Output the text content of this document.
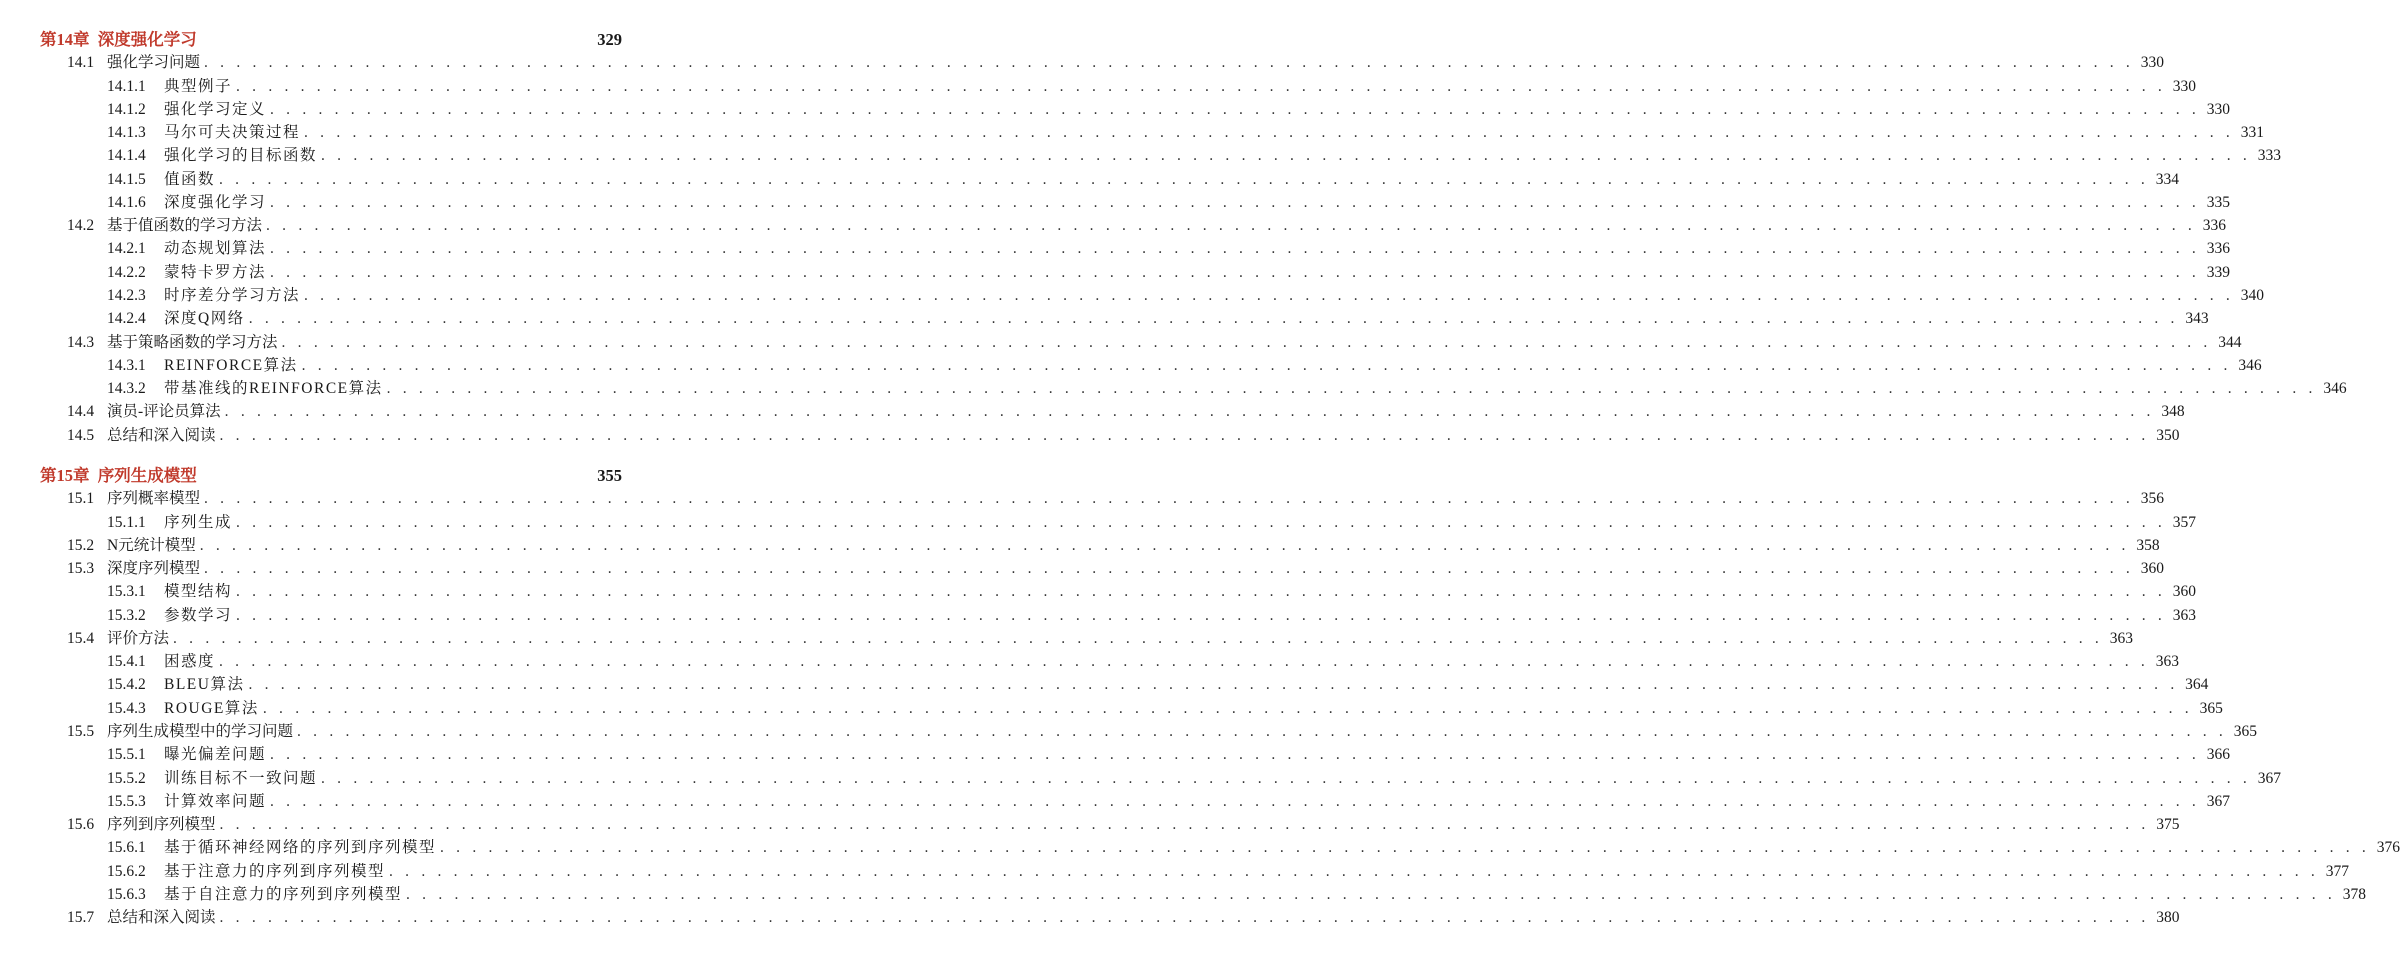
第14章  深度强化学习	329
14.1 强化学习问题 . . . . . . . . . . . . . . . . . . . . . . . . . . . . . . . . . . . . . . . . . . . . . . . . . . . . . . . . . . . . . . . . . . . . . . . . . . . . . . . . . . . . . . . . . . . . . . . . . . . . . . . . . . . . . . . . . . . . . . . . 330
14.1.1 典型例子 . . . . . . . . . . . . . . . . . . . . . . . . . . . . . . . . . . . . . . . . . . . . . . . . . . . . . . . . . . . . . . . . . . . . . . . . . . . . . . . . . . . . . . . . . . . . . . . . . . . . . . . . . . . . . . . . . . . . . . . . 330
14.1.2 强化学习定义 . . . . . . . . . . . . . . . . . . . . . . . . . . . . . . . . . . . . . . . . . . . . . . . . . . . . . . . . . . . . . . . . . . . . . . . . . . . . . . . . . . . . . . . . . . . . . . . . . . . . . . . . . . . . . . . . . . . . . . . . 330
14.1.3 马尔可夫决策过程 . . . . . . . . . . . . . . . . . . . . . . . . . . . . . . . . . . . . . . . . . . . . . . . . . . . . . . . . . . . . . . . . . . . . . . . . . . . . . . . . . . . . . . . . . . . . . . . . . . . . . . . . . . . . . . . . . . . . . . . . 331
14.1.4 强化学习的目标函数 . . . . . . . . . . . . . . . . . . . . . . . . . . . . . . . . . . . . . . . . . . . . . . . . . . . . . . . . . . . . . . . . . . . . . . . . . . . . . . . . . . . . . . . . . . . . . . . . . . . . . . . . . . . . . . . . . . . . . . . . 333
14.1.5 值函数 . . . . . . . . . . . . . . . . . . . . . . . . . . . . . . . . . . . . . . . . . . . . . . . . . . . . . . . . . . . . . . . . . . . . . . . . . . . . . . . . . . . . . . . . . . . . . . . . . . . . . . . . . . . . . . . . . . . . . . . . 334
14.1.6 深度强化学习 . . . . . . . . . . . . . . . . . . . . . . . . . . . . . . . . . . . . . . . . . . . . . . . . . . . . . . . . . . . . . . . . . . . . . . . . . . . . . . . . . . . . . . . . . . . . . . . . . . . . . . . . . . . . . . . . . . . . . . . . 335
14.2 基于值函数的学习方法 . . . . . . . . . . . . . . . . . . . . . . . . . . . . . . . . . . . . . . . . . . . . . . . . . . . . . . . . . . . . . . . . . . . . . . . . . . . . . . . . . . . . . . . . . . . . . . . . . . . . . . . . . . . . . . . . . . . . . . . . 336
14.2.1 动态规划算法 . . . . . . . . . . . . . . . . . . . . . . . . . . . . . . . . . . . . . . . . . . . . . . . . . . . . . . . . . . . . . . . . . . . . . . . . . . . . . . . . . . . . . . . . . . . . . . . . . . . . . . . . . . . . . . . . . . . . . . . . 336
14.2.2 蒙特卡罗方法 . . . . . . . . . . . . . . . . . . . . . . . . . . . . . . . . . . . . . . . . . . . . . . . . . . . . . . . . . . . . . . . . . . . . . . . . . . . . . . . . . . . . . . . . . . . . . . . . . . . . . . . . . . . . . . . . . . . . . . . . 339
14.2.3 时序差分学习方法 . . . . . . . . . . . . . . . . . . . . . . . . . . . . . . . . . . . . . . . . . . . . . . . . . . . . . . . . . . . . . . . . . . . . . . . . . . . . . . . . . . . . . . . . . . . . . . . . . . . . . . . . . . . . . . . . . . . . . . . . 340
14.2.4 深度Q网络 . . . . . . . . . . . . . . . . . . . . . . . . . . . . . . . . . . . . . . . . . . . . . . . . . . . . . . . . . . . . . . . . . . . . . . . . . . . . . . . . . . . . . . . . . . . . . . . . . . . . . . . . . . . . . . . . . . . . . . . . 343
14.3 基于策略函数的学习方法 . . . . . . . . . . . . . . . . . . . . . . . . . . . . . . . . . . . . . . . . . . . . . . . . . . . . . . . . . . . . . . . . . . . . . . . . . . . . . . . . . . . . . . . . . . . . . . . . . . . . . . . . . . . . . . . . . . . . . . . . 344
14.3.1 REINFORCE算法 . . . . . . . . . . . . . . . . . . . . . . . . . . . . . . . . . . . . . . . . . . . . . . . . . . . . . . . . . . . . . . . . . . . . . . . . . . . . . . . . . . . . . . . . . . . . . . . . . . . . . . . . . . . . . . . . . . . . . . . . 346
14.3.2 带基准线的REINFORCE算法 . . . . . . . . . . . . . . . . . . . . . . . . . . . . . . . . . . . . . . . . . . . . . . . . . . . . . . . . . . . . . . . . . . . . . . . . . . . . . . . . . . . . . . . . . . . . . . . . . . . . . . . . . . . . . . . . . . . . . . . . 346
14.4 演员-评论员算法 . . . . . . . . . . . . . . . . . . . . . . . . . . . . . . . . . . . . . . . . . . . . . . . . . . . . . . . . . . . . . . . . . . . . . . . . . . . . . . . . . . . . . . . . . . . . . . . . . . . . . . . . . . . . . . . . . . . . . . . . 348
14.5 总结和深入阅读 . . . . . . . . . . . . . . . . . . . . . . . . . . . . . . . . . . . . . . . . . . . . . . . . . . . . . . . . . . . . . . . . . . . . . . . . . . . . . . . . . . . . . . . . . . . . . . . . . . . . . . . . . . . . . . . . . . . . . . . . 350
第15章  序列生成模型	355
15.1 序列概率模型 . . . . . . . . . . . . . . . . . . . . . . . . . . . . . . . . . . . . . . . . . . . . . . . . . . . . . . . . . . . . . . . . . . . . . . . . . . . . . . . . . . . . . . . . . . . . . . . . . . . . . . . . . . . . . . . . . . . . . . . . 356
15.1.1 序列生成 . . . . . . . . . . . . . . . . . . . . . . . . . . . . . . . . . . . . . . . . . . . . . . . . . . . . . . . . . . . . . . . . . . . . . . . . . . . . . . . . . . . . . . . . . . . . . . . . . . . . . . . . . . . . . . . . . . . . . . . . 357
15.2 N元统计模型 . . . . . . . . . . . . . . . . . . . . . . . . . . . . . . . . . . . . . . . . . . . . . . . . . . . . . . . . . . . . . . . . . . . . . . . . . . . . . . . . . . . . . . . . . . . . . . . . . . . . . . . . . . . . . . . . . . . . . . . . 358
15.3 深度序列模型 . . . . . . . . . . . . . . . . . . . . . . . . . . . . . . . . . . . . . . . . . . . . . . . . . . . . . . . . . . . . . . . . . . . . . . . . . . . . . . . . . . . . . . . . . . . . . . . . . . . . . . . . . . . . . . . . . . . . . . . . 360
15.3.1 模型结构 . . . . . . . . . . . . . . . . . . . . . . . . . . . . . . . . . . . . . . . . . . . . . . . . . . . . . . . . . . . . . . . . . . . . . . . . . . . . . . . . . . . . . . . . . . . . . . . . . . . . . . . . . . . . . . . . . . . . . . . . 360
15.3.2 参数学习 . . . . . . . . . . . . . . . . . . . . . . . . . . . . . . . . . . . . . . . . . . . . . . . . . . . . . . . . . . . . . . . . . . . . . . . . . . . . . . . . . . . . . . . . . . . . . . . . . . . . . . . . . . . . . . . . . . . . . . . . 363
15.4 评价方法 . . . . . . . . . . . . . . . . . . . . . . . . . . . . . . . . . . . . . . . . . . . . . . . . . . . . . . . . . . . . . . . . . . . . . . . . . . . . . . . . . . . . . . . . . . . . . . . . . . . . . . . . . . . . . . . . . . . . . . . . 363
15.4.1 困惑度 . . . . . . . . . . . . . . . . . . . . . . . . . . . . . . . . . . . . . . . . . . . . . . . . . . . . . . . . . . . . . . . . . . . . . . . . . . . . . . . . . . . . . . . . . . . . . . . . . . . . . . . . . . . . . . . . . . . . . . . . 363
15.4.2 BLEU算法 . . . . . . . . . . . . . . . . . . . . . . . . . . . . . . . . . . . . . . . . . . . . . . . . . . . . . . . . . . . . . . . . . . . . . . . . . . . . . . . . . . . . . . . . . . . . . . . . . . . . . . . . . . . . . . . . . . . . . . . . 364
15.4.3 ROUGE算法 . . . . . . . . . . . . . . . . . . . . . . . . . . . . . . . . . . . . . . . . . . . . . . . . . . . . . . . . . . . . . . . . . . . . . . . . . . . . . . . . . . . . . . . . . . . . . . . . . . . . . . . . . . . . . . . . . . . . . . . . 365
15.5 序列生成模型中的学习问题 . . . . . . . . . . . . . . . . . . . . . . . . . . . . . . . . . . . . . . . . . . . . . . . . . . . . . . . . . . . . . . . . . . . . . . . . . . . . . . . . . . . . . . . . . . . . . . . . . . . . . . . . . . . . . . . . . . . . . . . . 365
15.5.1 曝光偏差问题 . . . . . . . . . . . . . . . . . . . . . . . . . . . . . . . . . . . . . . . . . . . . . . . . . . . . . . . . . . . . . . . . . . . . . . . . . . . . . . . . . . . . . . . . . . . . . . . . . . . . . . . . . . . . . . . . . . . . . . . . 366
15.5.2 训练目标不一致问题 . . . . . . . . . . . . . . . . . . . . . . . . . . . . . . . . . . . . . . . . . . . . . . . . . . . . . . . . . . . . . . . . . . . . . . . . . . . . . . . . . . . . . . . . . . . . . . . . . . . . . . . . . . . . . . . . . . . . . . . . 367
15.5.3 计算效率问题 . . . . . . . . . . . . . . . . . . . . . . . . . . . . . . . . . . . . . . . . . . . . . . . . . . . . . . . . . . . . . . . . . . . . . . . . . . . . . . . . . . . . . . . . . . . . . . . . . . . . . . . . . . . . . . . . . . . . . . . . 367
15.6 序列到序列模型 . . . . . . . . . . . . . . . . . . . . . . . . . . . . . . . . . . . . . . . . . . . . . . . . . . . . . . . . . . . . . . . . . . . . . . . . . . . . . . . . . . . . . . . . . . . . . . . . . . . . . . . . . . . . . . . . . . . . . . . . 375
15.6.1 基于循环神经网络的序列到序列模型 . . . . . . . . . . . . . . . . . . . . . . . . . . . . . . . . . . . . . . . . . . . . . . . . . . . . . . . . . . . . . . . . . . . . . . . . . . . . . . . . . . . . . . . . . . . . . . . . . . . . . . . . . . . . . . . . . . . . . . . . 376
15.6.2 基于注意力的序列到序列模型 . . . . . . . . . . . . . . . . . . . . . . . . . . . . . . . . . . . . . . . . . . . . . . . . . . . . . . . . . . . . . . . . . . . . . . . . . . . . . . . . . . . . . . . . . . . . . . . . . . . . . . . . . . . . . . . . . . . . . . . . 377
15.6.3 基于自注意力的序列到序列模型 . . . . . . . . . . . . . . . . . . . . . . . . . . . . . . . . . . . . . . . . . . . . . . . . . . . . . . . . . . . . . . . . . . . . . . . . . . . . . . . . . . . . . . . . . . . . . . . . . . . . . . . . . . . . . . . . . . . . . . . . 378
15.7 总结和深入阅读 . . . . . . . . . . . . . . . . . . . . . . . . . . . . . . . . . . . . . . . . . . . . . . . . . . . . . . . . . . . . . . . . . . . . . . . . . . . . . . . . . . . . . . . . . . . . . . . . . . . . . . . . . . . . . . . . . . . . . . . . 380
